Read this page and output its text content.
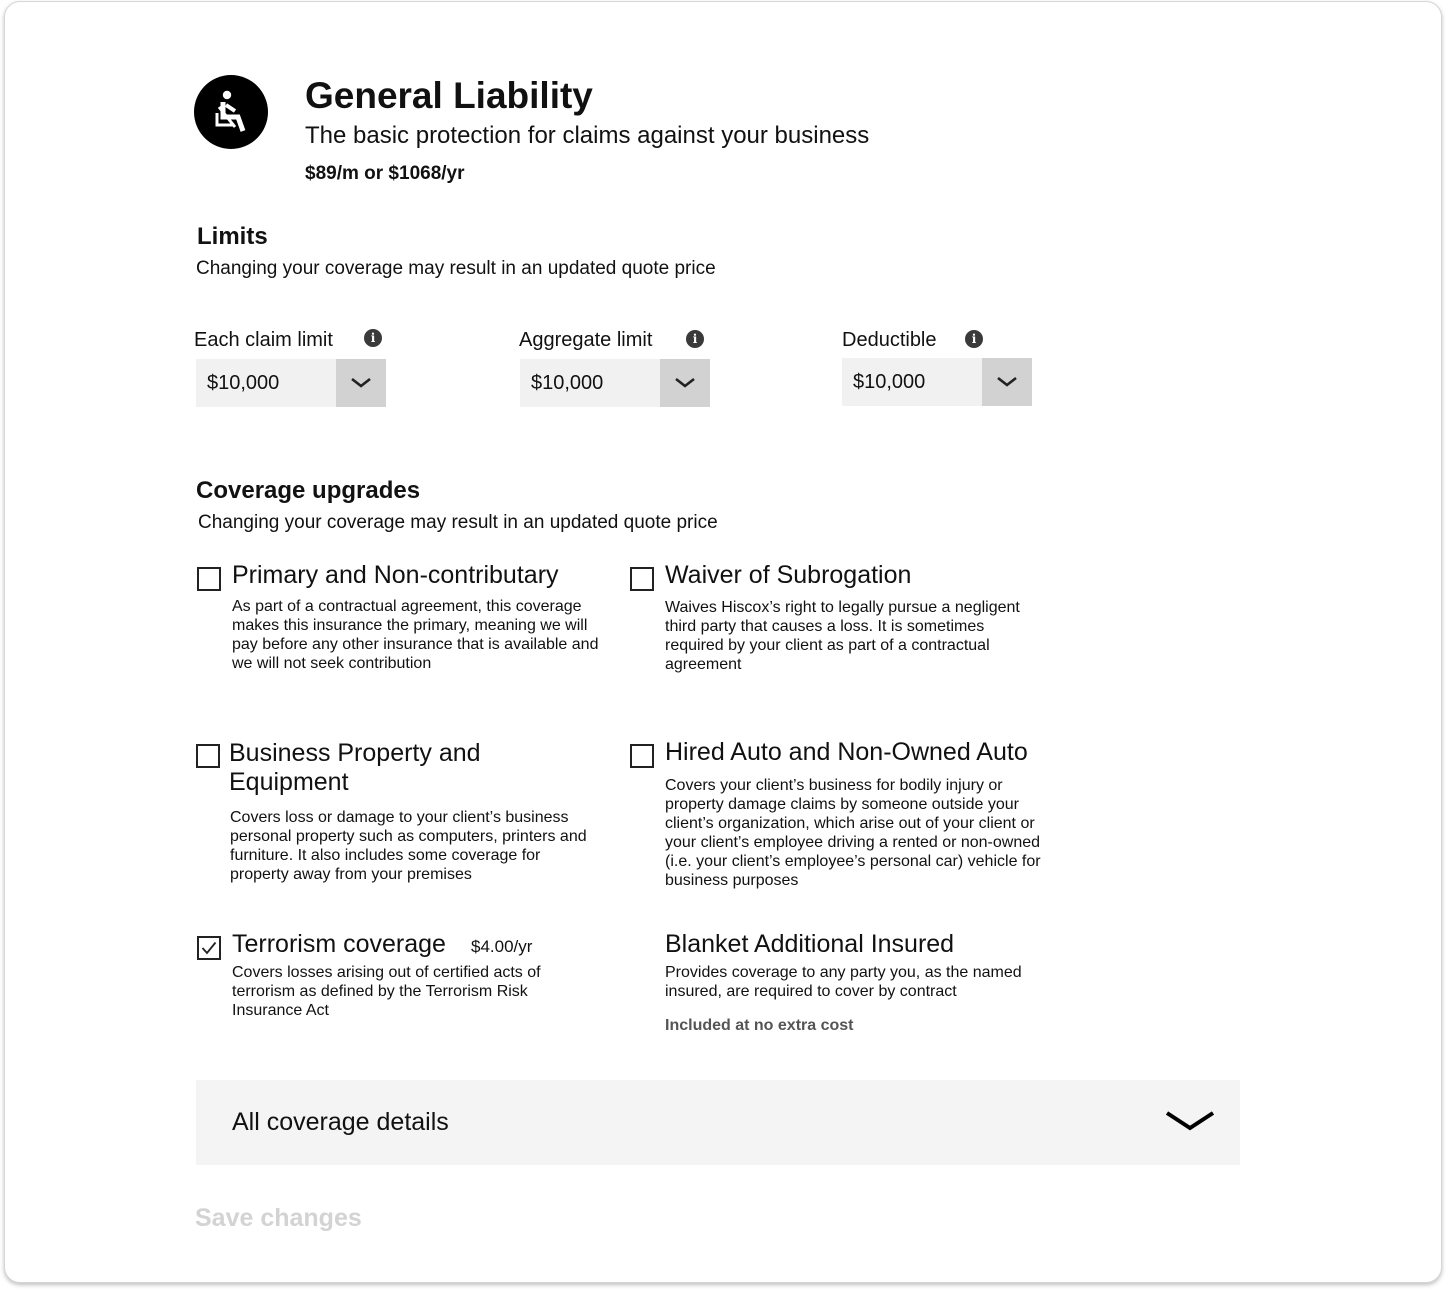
General Liability
The basic protection for claims against your business
$89/m or $1068/yr
Limits
Changing your coverage may result in an updated quote price
Each claim limit	i
$10,000
Aggregate limit	i
$10,000
Deductible	i
$10,000
Coverage upgrades
Changing your coverage may result in an updated quote price
Primary and Non-contributary
As part of a contractual agreement, this coverage makes this insurance the primary, meaning we will pay before any other insurance that is available and we will not seek contribution
Waiver of Subrogation
Waives Hiscox’s right to legally pursue a negligent third party that causes a loss. It is sometimes required by your client as part of a contractual agreement
Business Property and Equipment
Covers loss or damage to your client’s business personal property such as computers, printers and furniture. It also includes some coverage for property away from your premises
Hired Auto and Non-Owned Auto
Covers your client’s business for bodily injury or property damage claims by someone outside your client’s organization, which arise out of your client or your client’s employee driving a rented or non-owned (i.e. your client’s employee’s personal car) vehicle for business purposes
Terrorism coverage $4.00/yr
Covers losses arising out of certified acts of terrorism as defined by the Terrorism Risk Insurance Act
Blanket Additional Insured
Provides coverage to any party you, as the named insured, are required to cover by contract
Included at no extra cost
All coverage details
Save changes
